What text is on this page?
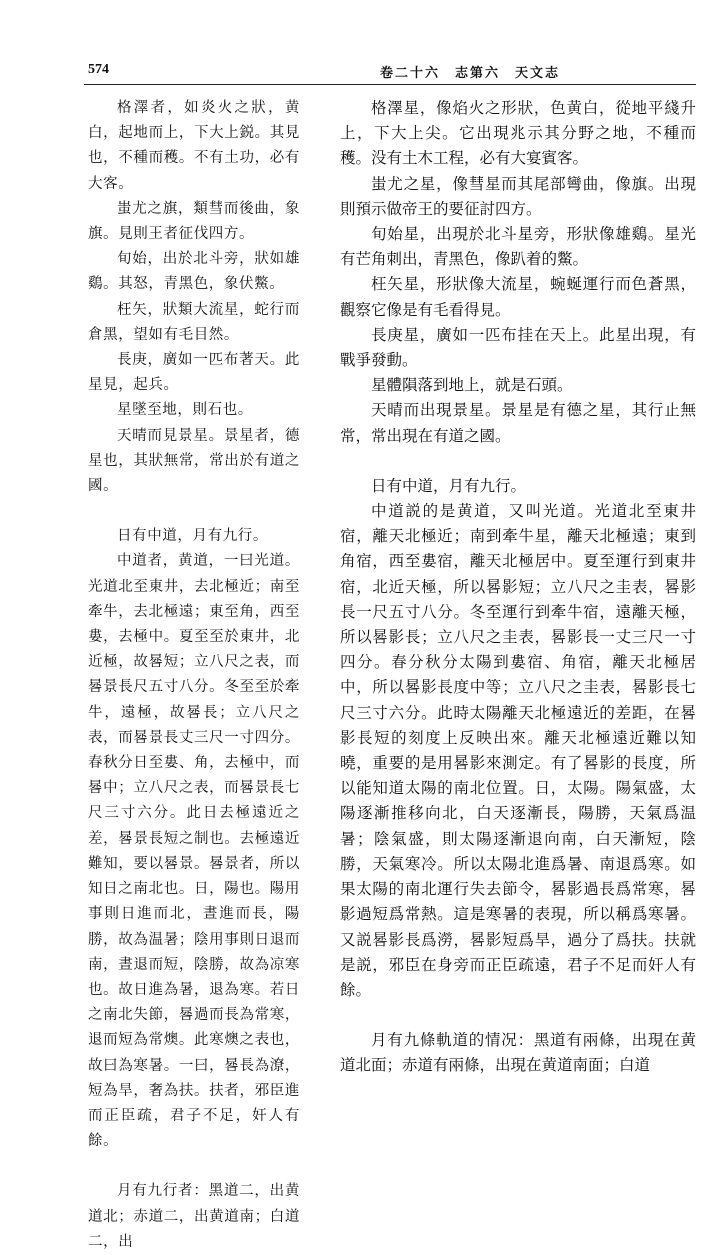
574	卷二十六　志第六　天文志

格澤者，如炎火之狀，黄白，起地而上，下大上鋭。其見也，不種而穫。不有土功，必有大客。

蚩尤之旗，類彗而後曲，象旗。見則王者征伐四方。

旬始，出於北斗旁，狀如雄鷄。其怒，青黑色，象伏鱉。

枉矢，狀類大流星，蛇行而倉黑，望如有毛目然。

長庚，廣如一匹布著天。此星見，起兵。

星墜至地，則石也。

天晴而見景星。景星者，德星也，其狀無常，常出於有道之國。

日有中道，月有九行。

中道者，黄道，一曰光道。光道北至東井，去北極近；南至牽牛，去北極遠；東至角，西至婁，去極中。夏至至於東井，北近極，故晷短；立八尺之表，而晷景長尺五寸八分。冬至至於牽牛，遠極，故晷長；立八尺之表，而晷景長丈三尺一寸四分。春秋分日至婁、角，去極中，而晷中；立八尺之表，而晷景長七尺三寸六分。此日去極遠近之差，晷景長短之制也。去極遠近難知，要以晷景。晷景者，所以知日之南北也。日，陽也。陽用事則日進而北，晝進而長，陽勝，故為温暑；陰用事則日退而南，晝退而短，陰勝，故為凉寒也。故日進為暑，退為寒。若日之南北失節，晷過而長為常寒，退而短為常燠。此寒燠之表也，故曰為寒暑。一曰，晷長為潦，短為旱，奢為扶。扶者，邪臣進而正臣疏，君子不足，奸人有餘。

月有九行者：黑道二，出黄道北；赤道二，出黄道南；白道二，出

格澤星，像焰火之形狀，色黄白，從地平綫升上，下大上尖。它出現兆示其分野之地，不種而穫。没有土木工程，必有大宴賓客。

蚩尤之星，像彗星而其尾部彎曲，像旗。出現則預示做帝王的要征討四方。

旬始星，出現於北斗星旁，形狀像雄鷄。星光有芒角刺出，青黑色，像趴着的鱉。

枉矢星，形狀像大流星，蜿蜒運行而色蒼黑，觀察它像是有毛看得見。

長庚星，廣如一匹布挂在天上。此星出現，有戰爭發動。

星體隕落到地上，就是石頭。

天晴而出現景星。景星是有德之星，其行止無常，常出現在有道之國。

日有中道，月有九行。

中道説的是黄道，又叫光道。光道北至東井宿，離天北極近；南到牽牛星，離天北極遠；東到角宿，西至婁宿，離天北極居中。夏至運行到東井宿，北近天極，所以晷影短；立八尺之圭表，晷影長一尺五寸八分。冬至運行到牽牛宿，遠離天極，所以晷影長；立八尺之圭表，晷影長一丈三尺一寸四分。春分秋分太陽到婁宿、角宿，離天北極居中，所以晷影長度中等；立八尺之圭表，晷影長七尺三寸六分。此時太陽離天北極遠近的差距，在晷影長短的刻度上反映出來。離天北極遠近難以知曉，重要的是用晷影來測定。有了晷影的長度，所以能知道太陽的南北位置。日，太陽。陽氣盛，太陽逐漸推移向北，白天逐漸長，陽勝，天氣爲温暑；陰氣盛，則太陽逐漸退向南，白天漸短，陰勝，天氣寒冷。所以太陽北進爲暑、南退爲寒。如果太陽的南北運行失去節令，晷影過長爲常寒，晷影過短爲常熱。這是寒暑的表現，所以稱爲寒暑。又説晷影長爲澇，晷影短爲旱，過分了爲扶。扶就是説，邪臣在身旁而正臣疏遠，君子不足而奸人有餘。

月有九條軌道的情况：黑道有兩條，出現在黄道北面；赤道有兩條，出現在黄道南面；白道
